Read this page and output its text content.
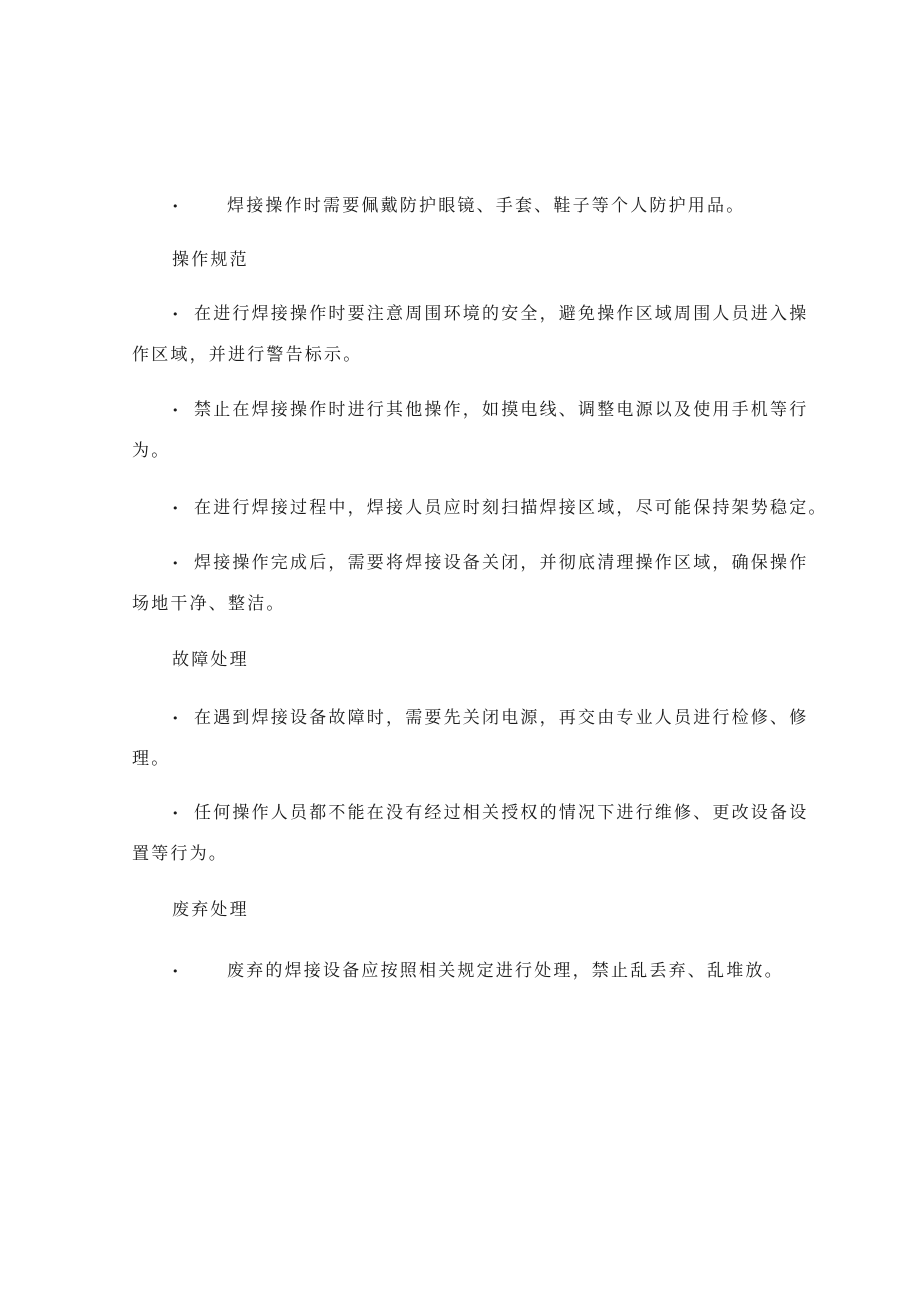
•	焊接操作时需要佩戴防护眼镜、手套、鞋子等个人防护用品。
操作规范
• 在进行焊接操作时要注意周围环境的安全，避免操作区域周围人员进入操
作区域，并进行警告标示。
• 禁止在焊接操作时进行其他操作，如摸电线、调整电源以及使用手机等行
为。
• 在进行焊接过程中，焊接人员应时刻扫描焊接区域，尽可能保持架势稳定。
• 焊接操作完成后，需要将焊接设备关闭，并彻底清理操作区域，确保操作
场地干净、整洁。
故障处理
• 在遇到焊接设备故障时，需要先关闭电源，再交由专业人员进行检修、修
理。
• 任何操作人员都不能在没有经过相关授权的情况下进行维修、更改设备设
置等行为。
废弃处理
•	废弃的焊接设备应按照相关规定进行处理，禁止乱丢弃、乱堆放。
